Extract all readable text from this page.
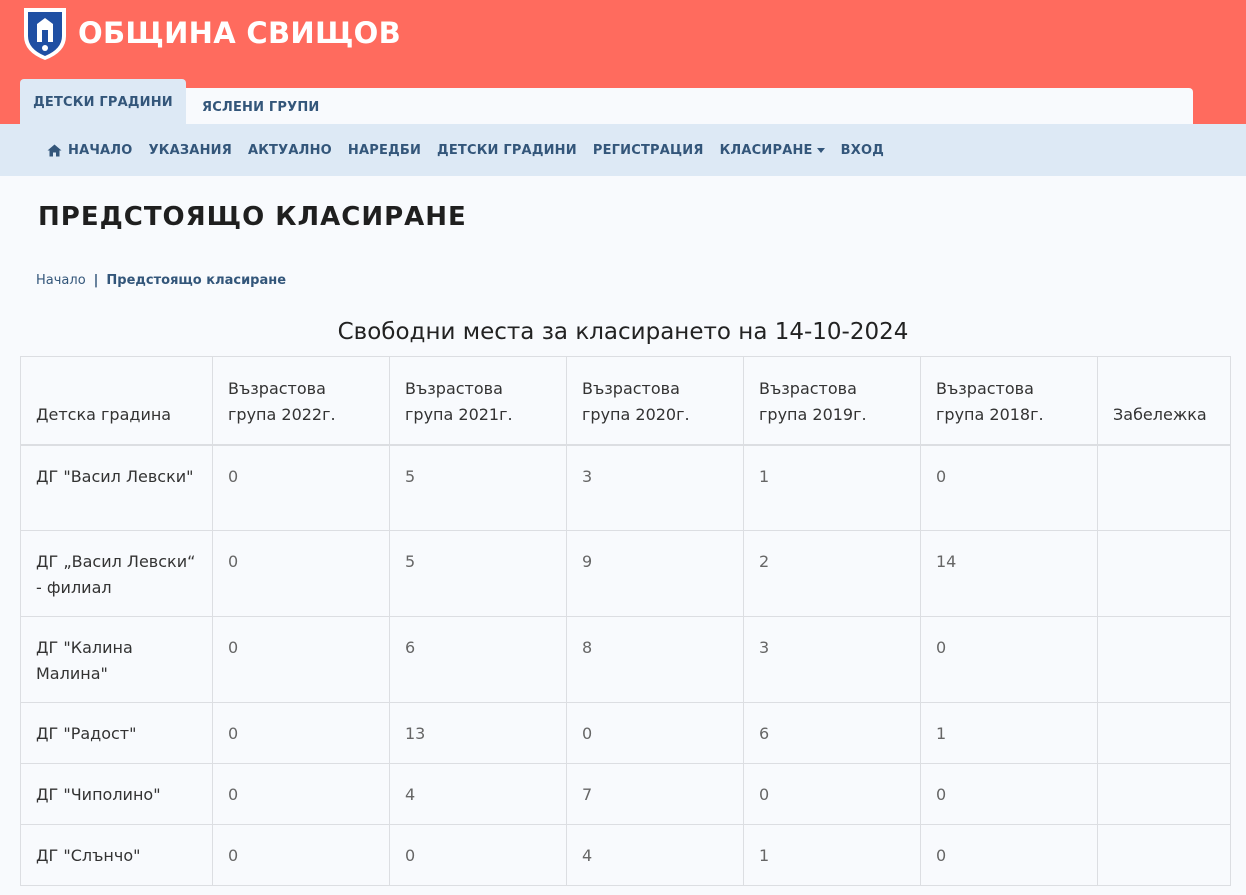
ОБЩИНА СВИЩОВ
ДЕТСКИ ГРАДИНИ	ЯСЛЕНИ ГРУПИ
НАЧАЛО УКАЗАНИЯ АКТУАЛНО НАРЕДБИ ДЕТСКИ ГРАДИНИ РЕГИСТРАЦИЯ КЛАСИРАНЕ ВХОД
ПРЕДСТОЯЩО КЛАСИРАНЕ
Начало | Предстоящо класиране
Свободни места за класирането на 14-10-2024
Детска градина	Възрастова група 2022г.	Възрастова група 2021г.	Възрастова група 2020г.	Възрастова група 2019г.	Възрастова група 2018г.	Забележка
ДГ "Васил Левски"	0	5	3	1	0	
ДГ „Васил Левски“ - филиал	0	5	9	2	14	
ДГ "Калина Малина"	0	6	8	3	0	
ДГ "Радост"	0	13	0	6	1	
ДГ "Чиполино"	0	4	7	0	0	
ДГ "Слънчо"	0	0	4	1	0	
